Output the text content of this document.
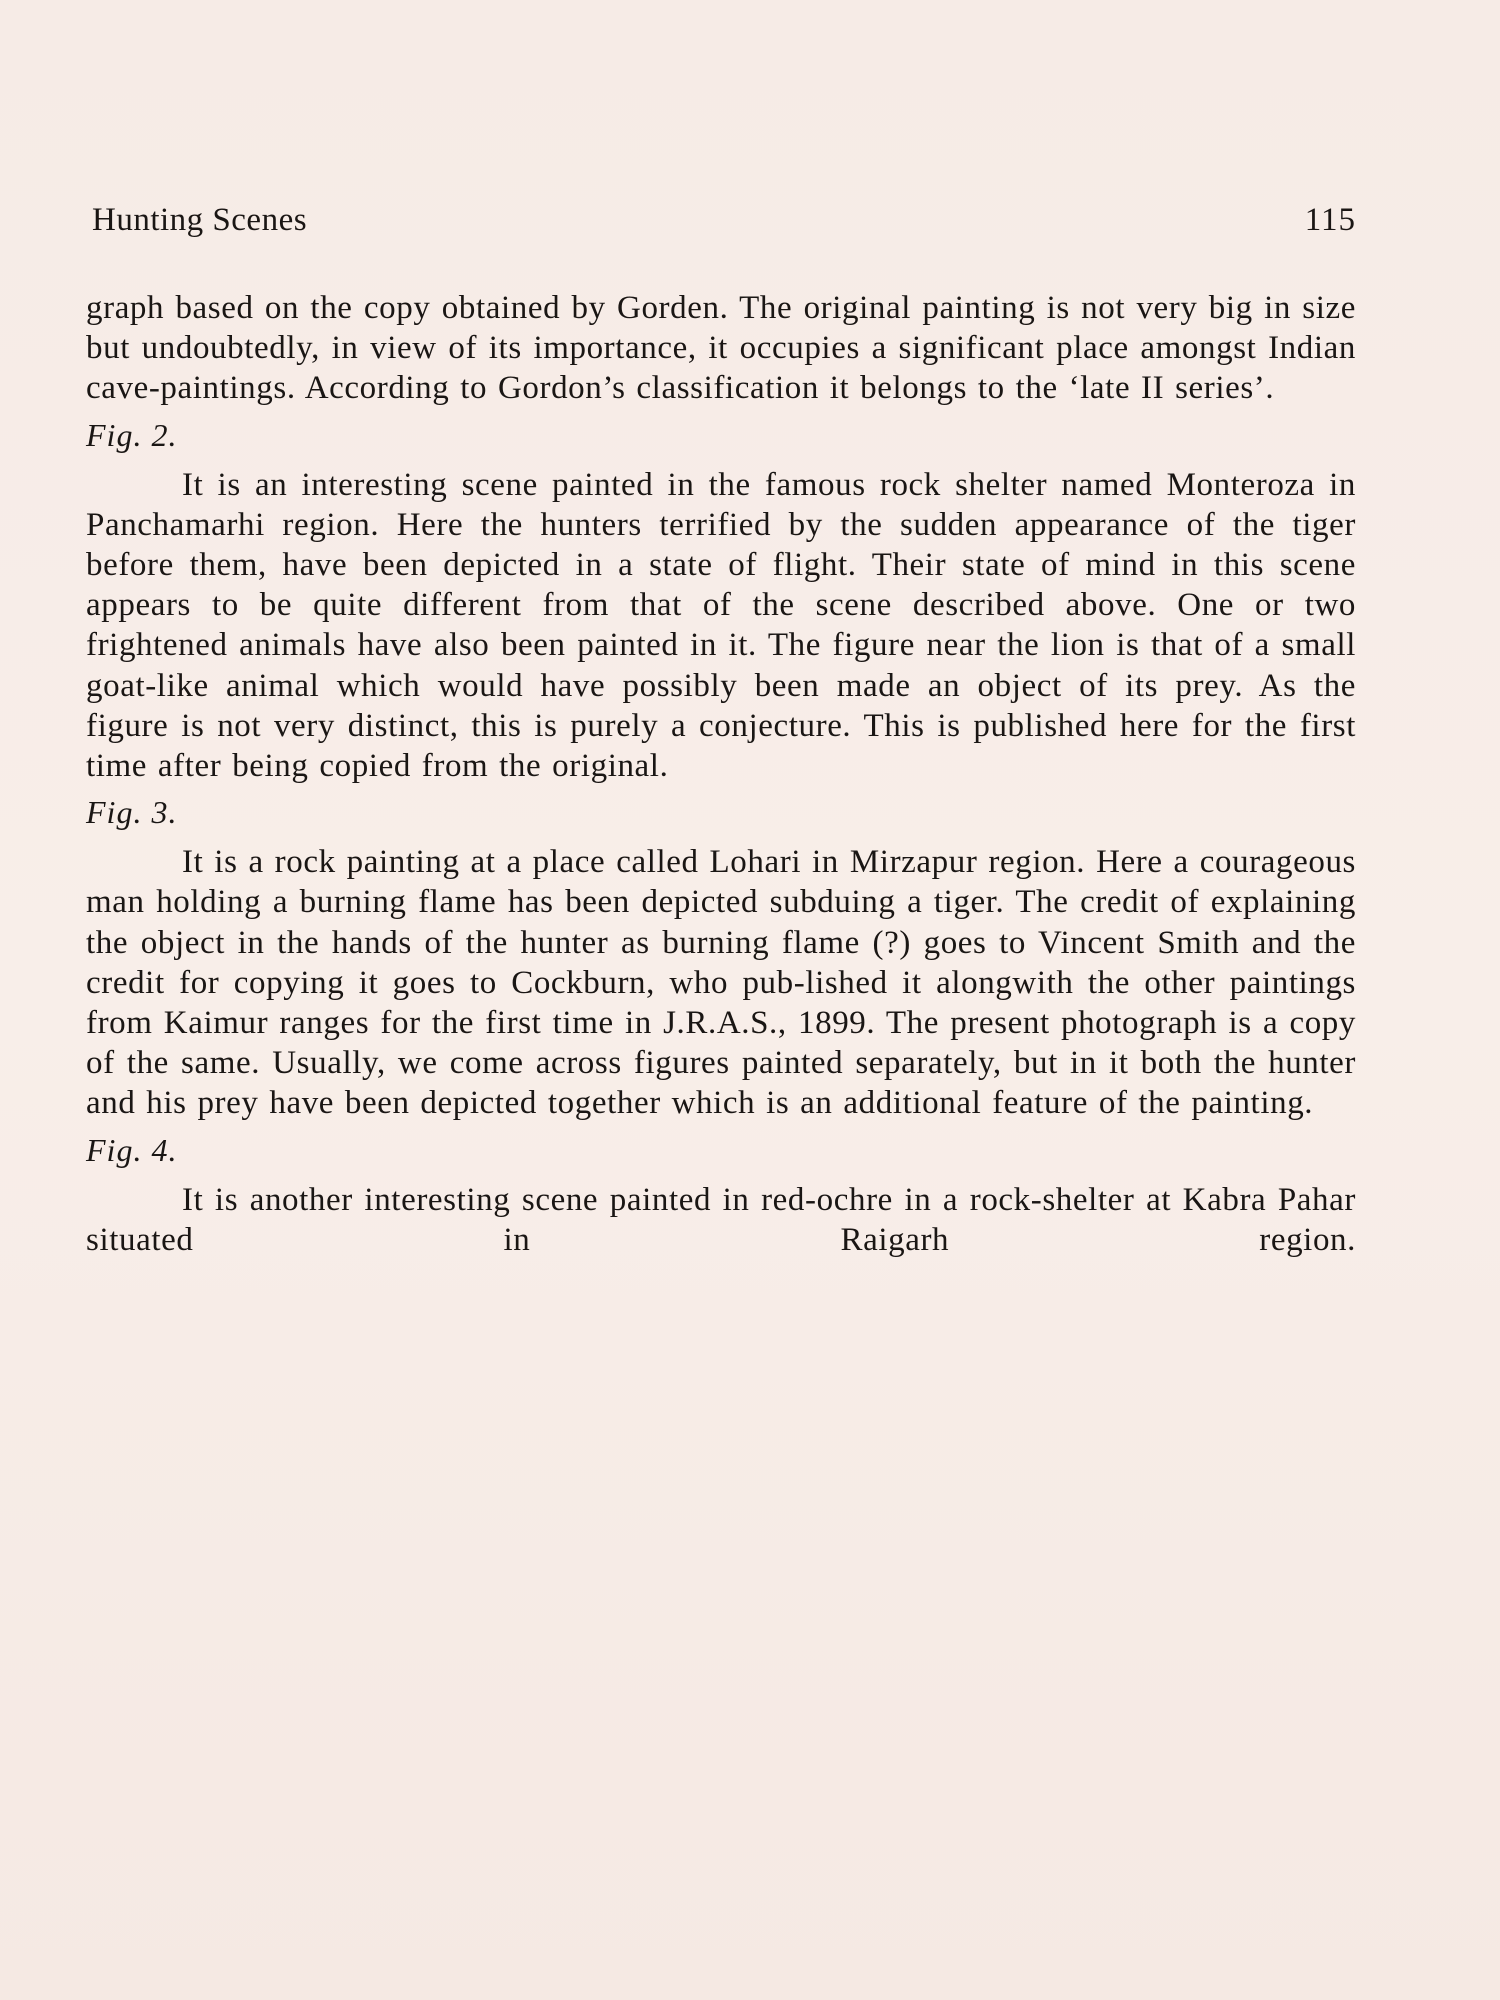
Hunting Scenes	115

graph based on the copy obtained by Gorden. The original painting is not very big in size but undoubtedly, in view of its importance, it occupies a significant place amongst Indian cave-paintings. According to Gordon’s classification it belongs to the ‘late II series’.

Fig. 2.

It is an interesting scene painted in the famous rock shelter named Monteroza in Panchamarhi region. Here the hunters terrified by the sudden appearance of the tiger before them, have been depicted in a state of flight. Their state of mind in this scene appears to be quite different from that of the scene described above. One or two frightened animals have also been painted in it. The figure near the lion is that of a small goat-like animal which would have possibly been made an object of its prey. As the figure is not very distinct, this is purely a conjecture. This is published here for the first time after being copied from the original.

Fig. 3.

It is a rock painting at a place called Lohari in Mirzapur region. Here a courageous man holding a burning flame has been depicted subduing a tiger. The credit of explaining the object in the hands of the hunter as burning flame (?) goes to Vincent Smith and the credit for copying it goes to Cockburn, who pub-lished it alongwith the other paintings from Kaimur ranges for the first time in J.R.A.S., 1899. The present photograph is a copy of the same. Usually, we come across figures painted separately, but in it both the hunter and his prey have been depicted together which is an additional feature of the painting.

Fig. 4.

It is another interesting scene painted in red-ochre in a rock-shelter at Kabra Pahar situated in Raigarh region.
